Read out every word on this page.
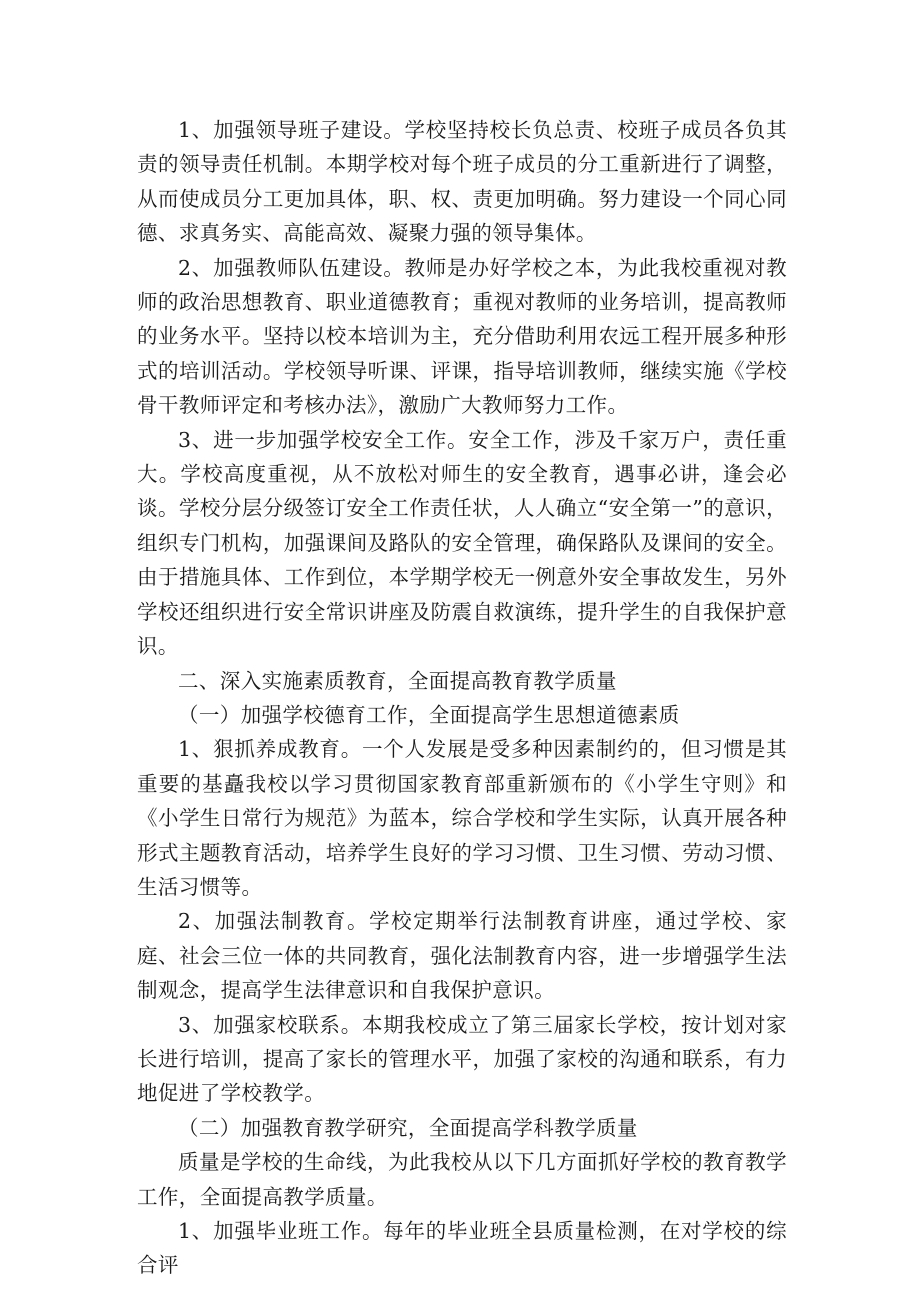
1、加强领导班子建设。学校坚持校长负总责、校班子成员各负其责的领导责任机制。本期学校对每个班子成员的分工重新进行了调整，从而使成员分工更加具体，职、权、责更加明确。努力建设一个同心同德、求真务实、高能高效、凝聚力强的领导集体。

2、加强教师队伍建设。教师是办好学校之本，为此我校重视对教师的政治思想教育、职业道德教育；重视对教师的业务培训，提高教师的业务水平。坚持以校本培训为主，充分借助利用农远工程开展多种形式的培训活动。学校领导听课、评课，指导培训教师，继续实施《学校骨干教师评定和考核办法》，激励广大教师努力工作。

3、进一步加强学校安全工作。安全工作，涉及千家万户，责任重大。学校高度重视，从不放松对师生的安全教育，遇事必讲，逢会必谈。学校分层分级签订安全工作责任状，人人确立“安全第一”的意识，组织专门机构，加强课间及路队的安全管理，确保路队及课间的安全。由于措施具体、工作到位，本学期学校无一例意外安全事故发生，另外学校还组织进行安全常识讲座及防震自救演练，提升学生的自我保护意识。

二、深入实施素质教育，全面提高教育教学质量

（一）加强学校德育工作，全面提高学生思想道德素质

1、狠抓养成教育。一个人发展是受多种因素制约的，但习惯是其重要的基矗我校以学习贯彻国家教育部重新颁布的《小学生守则》和《小学生日常行为规范》为蓝本，综合学校和学生实际，认真开展各种形式主题教育活动，培养学生良好的学习习惯、卫生习惯、劳动习惯、生活习惯等。

2、加强法制教育。学校定期举行法制教育讲座，通过学校、家庭、社会三位一体的共同教育，强化法制教育内容，进一步增强学生法制观念，提高学生法律意识和自我保护意识。

3、加强家校联系。本期我校成立了第三届家长学校，按计划对家长进行培训，提高了家长的管理水平，加强了家校的沟通和联系，有力地促进了学校教学。

（二）加强教育教学研究，全面提高学科教学质量

质量是学校的生命线，为此我校从以下几方面抓好学校的教育教学工作，全面提高教学质量。

1、加强毕业班工作。每年的毕业班全县质量检测，在对学校的综合评
